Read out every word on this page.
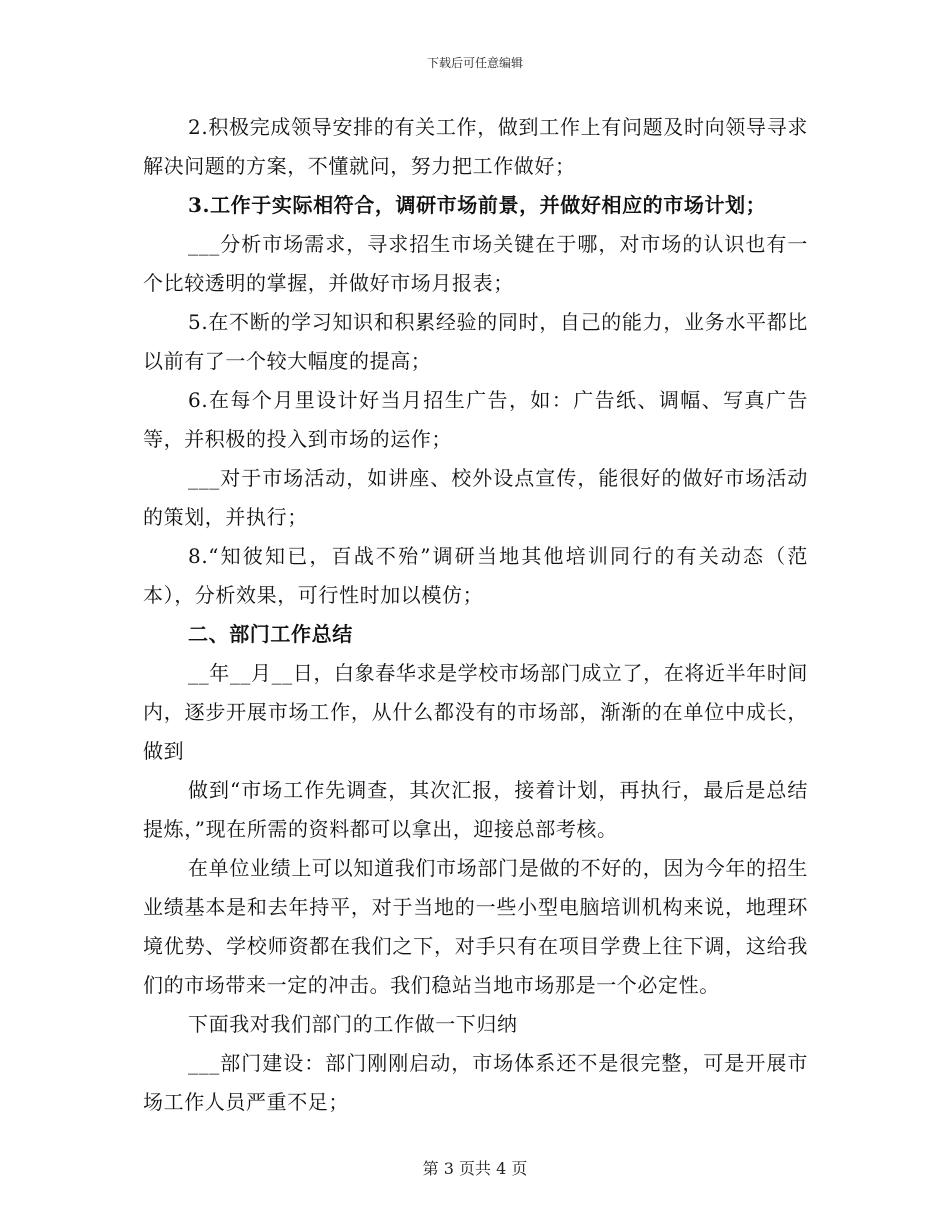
下载后可任意编辑

2.积极完成领导安排的有关工作，做到工作上有问题及时向领导寻求解决问题的方案，不懂就问，努力把工作做好；

3.工作于实际相符合，调研市场前景，并做好相应的市场计划；

___分析市场需求，寻求招生市场关键在于哪，对市场的认识也有一个比较透明的掌握，并做好市场月报表；

5.在不断的学习知识和积累经验的同时，自己的能力，业务水平都比以前有了一个较大幅度的提高；

6.在每个月里设计好当月招生广告，如：广告纸、调幅、写真广告等，并积极的投入到市场的运作；

___对于市场活动，如讲座、校外设点宣传，能很好的做好市场活动的策划，并执行；

8.“知彼知已，百战不殆”调研当地其他培训同行的有关动态（范本），分析效果，可行性时加以模仿；

二、部门工作总结

__年__月__日，白象春华求是学校市场部门成立了，在将近半年时间内，逐步开展市场工作，从什么都没有的市场部，渐渐的在单位中成长，做到

做到“市场工作先调查，其次汇报，接着计划，再执行，最后是总结提炼，”现在所需的资料都可以拿出，迎接总部考核。

在单位业绩上可以知道我们市场部门是做的不好的，因为今年的招生业绩基本是和去年持平，对于当地的一些小型电脑培训机构来说，地理环境优势、学校师资都在我们之下，对手只有在项目学费上往下调，这给我们的市场带来一定的冲击。我们稳站当地市场那是一个必定性。

下面我对我们部门的工作做一下归纳

___部门建设：部门刚刚启动，市场体系还不是很完整，可是开展市场工作人员严重不足；

第 3 页共 4 页
